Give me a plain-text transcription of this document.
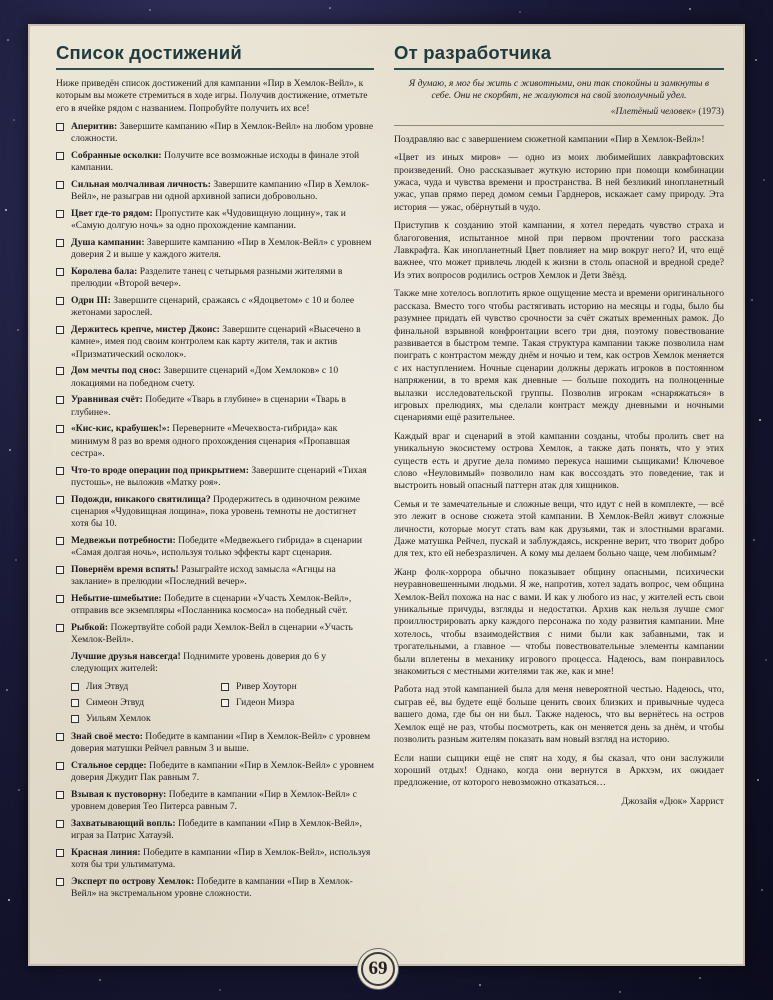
Список достижений
Ниже приведён список достижений для кампании «Пир в Хемлок-Вейл», к которым вы можете стремиться в ходе игры. Получив достижение, отметьте его в ячейке рядом с названием. Попробуйте получить их все!
Аперитив: Завершите кампанию «Пир в Хемлок-Вейл» на любом уровне сложности.
Собранные осколки: Получите все возможные исходы в финале этой кампании.
Сильная молчаливая личность: Завершите кампанию «Пир в Хемлок-Вейл», не разыграв ни одной архивной записи добровольно.
Цвет где-то рядом: Пропустите как «Чудовищную лощину», так и «Самую долгую ночь» за одно прохождение кампании.
Душа кампании: Завершите кампанию «Пир в Хемлок-Вейл» с уровнем доверия 2 и выше у каждого жителя.
Королева бала: Разделите танец с четырьмя разными жителями в прелюдии «Второй вечер».
Одри III: Завершите сценарий, сражаясь с «Ядоцветом» с 10 и более жетонами зарослей.
Держитесь крепче, мистер Джоис: Завершите сценарий «Высечено в камне», имея под своим контролем как карту жителя, так и актив «Призматический осколок».
Дом мечты под снос: Завершите сценарий «Дом Хемлоков» с 10 локациями на победном счету.
Уравнивая счёт: Победите «Тварь в глубине» в сценарии «Тварь в глубине».
«Кис-кис, крабушек!»: Переверните «Мечехвоста-гибрида» как минимум 8 раз во время одного прохождения сценария «Пропавшая сестра».
Что-то вроде операции под прикрытием: Завершите сценарий «Тихая пустошь», не выложив «Матку роя».
Подожди, никакого святилища? Продержитесь в одиночном режиме сценария «Чудовищная лощина», пока уровень темноты не достигнет хотя бы 10.
Медвежьи потребности: Победите «Медвежьего гибрида» в сценарии «Самая долгая ночь», используя только эффекты карт сценария.
Повернём время вспять! Разыграйте исход замысла «Агнцы на заклание» в прелюдии «Последний вечер».
Небытие-шмебытие: Победите в сценарии «Участь Хемлок-Вейл», отправив все экземпляры «Посланника космоса» на победный счёт.
Рыбкой: Пожертвуйте собой ради Хемлок-Вейл в сценарии «Участь Хемлок-Вейл».
Лучшие друзья навсегда! Поднимите уровень доверия до 6 у следующих жителей:
Лия Этвуд	Ривер Хоуторн
Симеон Этвуд	Гидеон Мизра
Уильям Хемлок
Знай своё место: Победите в кампании «Пир в Хемлок-Вейл» с уровнем доверия матушки Рейчел равным 3 и выше.
Стальное сердце: Победите в кампании «Пир в Хемлок-Вейл» с уровнем доверия Джудит Пак равным 7.
Взывая к пустоворну: Победите в кампании «Пир в Хемлок-Вейл» с уровнем доверия Тео Питерса равным 7.
Захватывающий вопль: Победите в кампании «Пир в Хемлок-Вейл», играя за Патрис Хатауэй.
Красная линия: Победите в кампании «Пир в Хемлок-Вейл», используя хотя бы три ультиматума.
Эксперт по острову Хемлок: Победите в кампании «Пир в Хемлок-Вейл» на экстремальном уровне сложности.
От разработчика
Я думаю, я мог бы жить с животными, они так спокойны и замкнуты в себе. Они не скорбят, не жалуются на свой злополучный удел.
«Плетёный человек» (1973)
Поздравляю вас с завершением сюжетной кампании «Пир в Хемлок-Вейл»!
«Цвет из иных миров» — одно из моих любимейших лавкрафтовских произведений. Оно рассказывает жуткую историю при помощи комбинации ужаса, чуда и чувства времени и пространства. В ней безликий инопланетный ужас, упав прямо перед домом семьи Гарднеров, искажает саму природу. Эта история — ужас, обёрнутый в чудо.
Приступив к созданию этой кампании, я хотел передать чувство страха и благоговения, испытанное мной при первом прочтении того рассказа Лавкрафта. Как инопланетный Цвет повлияет на мир вокруг него? И, что ещё важнее, что может привлечь людей к жизни в столь опасной и вредной среде? Из этих вопросов родились остров Хемлок и Дети Звёзд.
Также мне хотелось воплотить яркое ощущение места и времени оригинального рассказа. Вместо того чтобы растягивать историю на месяцы и годы, было бы разумнее придать ей чувство срочности за счёт сжатых временных рамок. До финальной взрывной конфронтации всего три дня, поэтому повествование развивается в быстром темпе. Такая структура кампании также позволила нам поиграть с контрастом между днём и ночью и тем, как остров Хемлок меняется с их наступлением. Ночные сценарии должны держать игроков в постоянном напряжении, в то время как дневные — больше походить на полноценные вылазки исследовательской группы. Позволив игрокам «снаряжаться» в игровых прелюдиях, мы сделали контраст между дневными и ночными сценариями ещё разительнее.
Каждый враг и сценарий в этой кампании созданы, чтобы пролить свет на уникальную экосистему острова Хемлок, а также дать понять, что у этих существ есть и другие дела помимо перекуса нашими сыщиками! Ключевое слово «Неуловимый» позволило нам как воссоздать это поведение, так и выстроить новый опасный паттерн атак для хищников.
Семья и те замечательные и сложные вещи, что идут с ней в комплекте, — всё это лежит в основе сюжета этой кампании. В Хемлок-Вейл живут сложные личности, которые могут стать вам как друзьями, так и злостными врагами. Даже матушка Рейчел, пускай и заблуждаясь, искренне верит, что творит добро для тех, кто ей небезразличен. А кому мы делаем больно чаще, чем любимым?
Жанр фолк-хоррора обычно показывает общину опасными, психически неуравновешенными людьми. Я же, напротив, хотел задать вопрос, чем община Хемлок-Вейл похожа на нас с вами. И как у любого из нас, у жителей есть свои уникальные причуды, взгляды и недостатки. Архив как нельзя лучше смог проиллюстрировать арку каждого персонажа по ходу развития кампании. Мне хотелось, чтобы взаимодействия с ними были как забавными, так и трогательными, а главное — чтобы повествовательные элементы кампании были вплетены в механику игрового процесса. Надеюсь, вам понравилось знакомиться с местными жителями так же, как и мне!
Работа над этой кампанией была для меня невероятной честью. Надеюсь, что, сыграв её, вы будете ещё больше ценить своих близких и привычные чудеса вашего дома, где бы он ни был. Также надеюсь, что вы вернётесь на остров Хемлок ещё не раз, чтобы посмотреть, как он меняется день за днём, и чтобы позволить разным жителям показать вам новый взгляд на историю.
Если наши сыщики ещё не спят на ходу, я бы сказал, что они заслужили хороший отдых! Однако, когда они вернутся в Аркхэм, их ожидает предложение, от которого невозможно отказаться…
Джозайя «Дюк» Харрист
69
